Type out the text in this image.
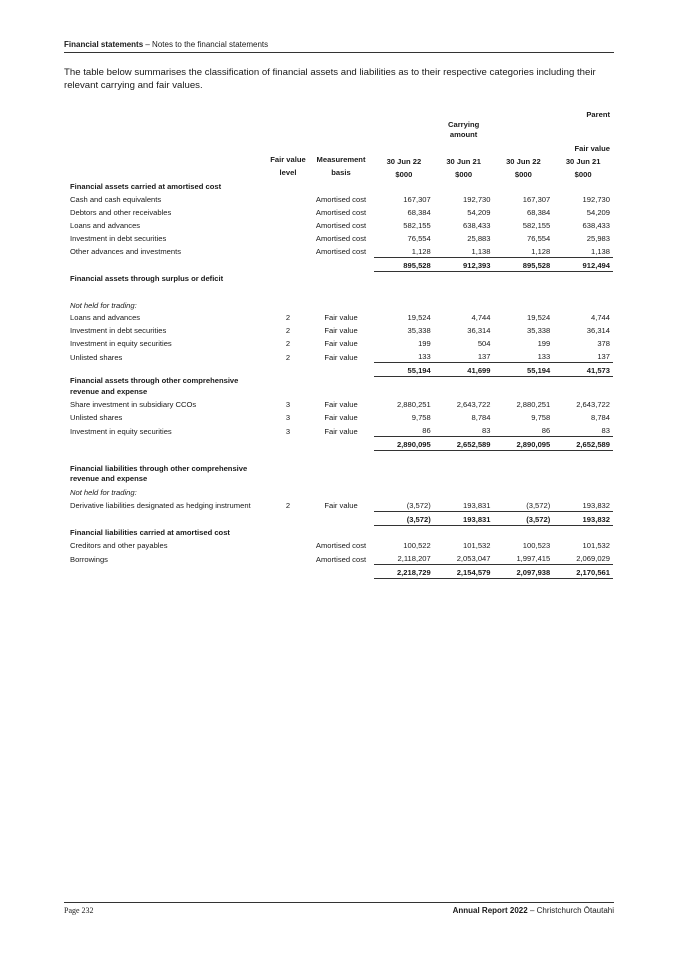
Financial statements – Notes to the financial statements
The table below summarises the classification of financial assets and liabilities as to their respective categories including their relevant carrying and fair values.
						Parent
				Carrying amount		
	Fair value level					Fair value
		Measurement basis	30 Jun 22	30 Jun 21	30 Jun 22	30 Jun 21
			$000	$000	$000	$000
Financial assets carried at amortised cost						
Cash and cash equivalents		Amortised cost	167,307	192,730	167,307	192,730
Debtors and other receivables		Amortised cost	68,384	54,209	68,384	54,209
Loans and advances		Amortised cost	582,155	638,433	582,155	638,433
Investment in debt securities		Amortised cost	76,554	25,883	76,554	25,983
Other advances and investments		Amortised cost	1,128	1,138	1,128	1,138
			895,528	912,393	895,528	912,494
Financial assets through surplus or deficit						

Not held for trading:						
Loans and advances	2	Fair value	19,524	4,744	19,524	4,744
Investment in debt securities	2	Fair value	35,338	36,314	35,338	36,314
Investment in equity securities	2	Fair value	199	504	199	378
Unlisted shares	2	Fair value	133	137	133	137
			55,194	41,699	55,194	41,573
Financial assets through other comprehensive revenue and expense						
Share investment in subsidiary CCOs	3	Fair value	2,880,251	2,643,722	2,880,251	2,643,722
Unlisted shares	3	Fair value	9,758	8,784	9,758	8,784
Investment in equity securities	3	Fair value	86	83	86	83
			2,890,095	2,652,589	2,890,095	2,652,589

Financial liabilities through other comprehensive revenue and expense						
Not held for trading:						
Derivative liabilities designated as hedging instrument	2	Fair value	(3,572)	193,831	(3,572)	193,832
			(3,572)	193,831	(3,572)	193,832
Financial liabilities carried at amortised cost						
Creditors and other payables		Amortised cost	100,522	101,532	100,523	101,532
Borrowings		Amortised cost	2,118,207	2,053,047	1,997,415	2,069,029
			2,218,729	2,154,579	2,097,938	2,170,561
Page 232	Annual Report 2022 – Christchurch Ōtautahi
